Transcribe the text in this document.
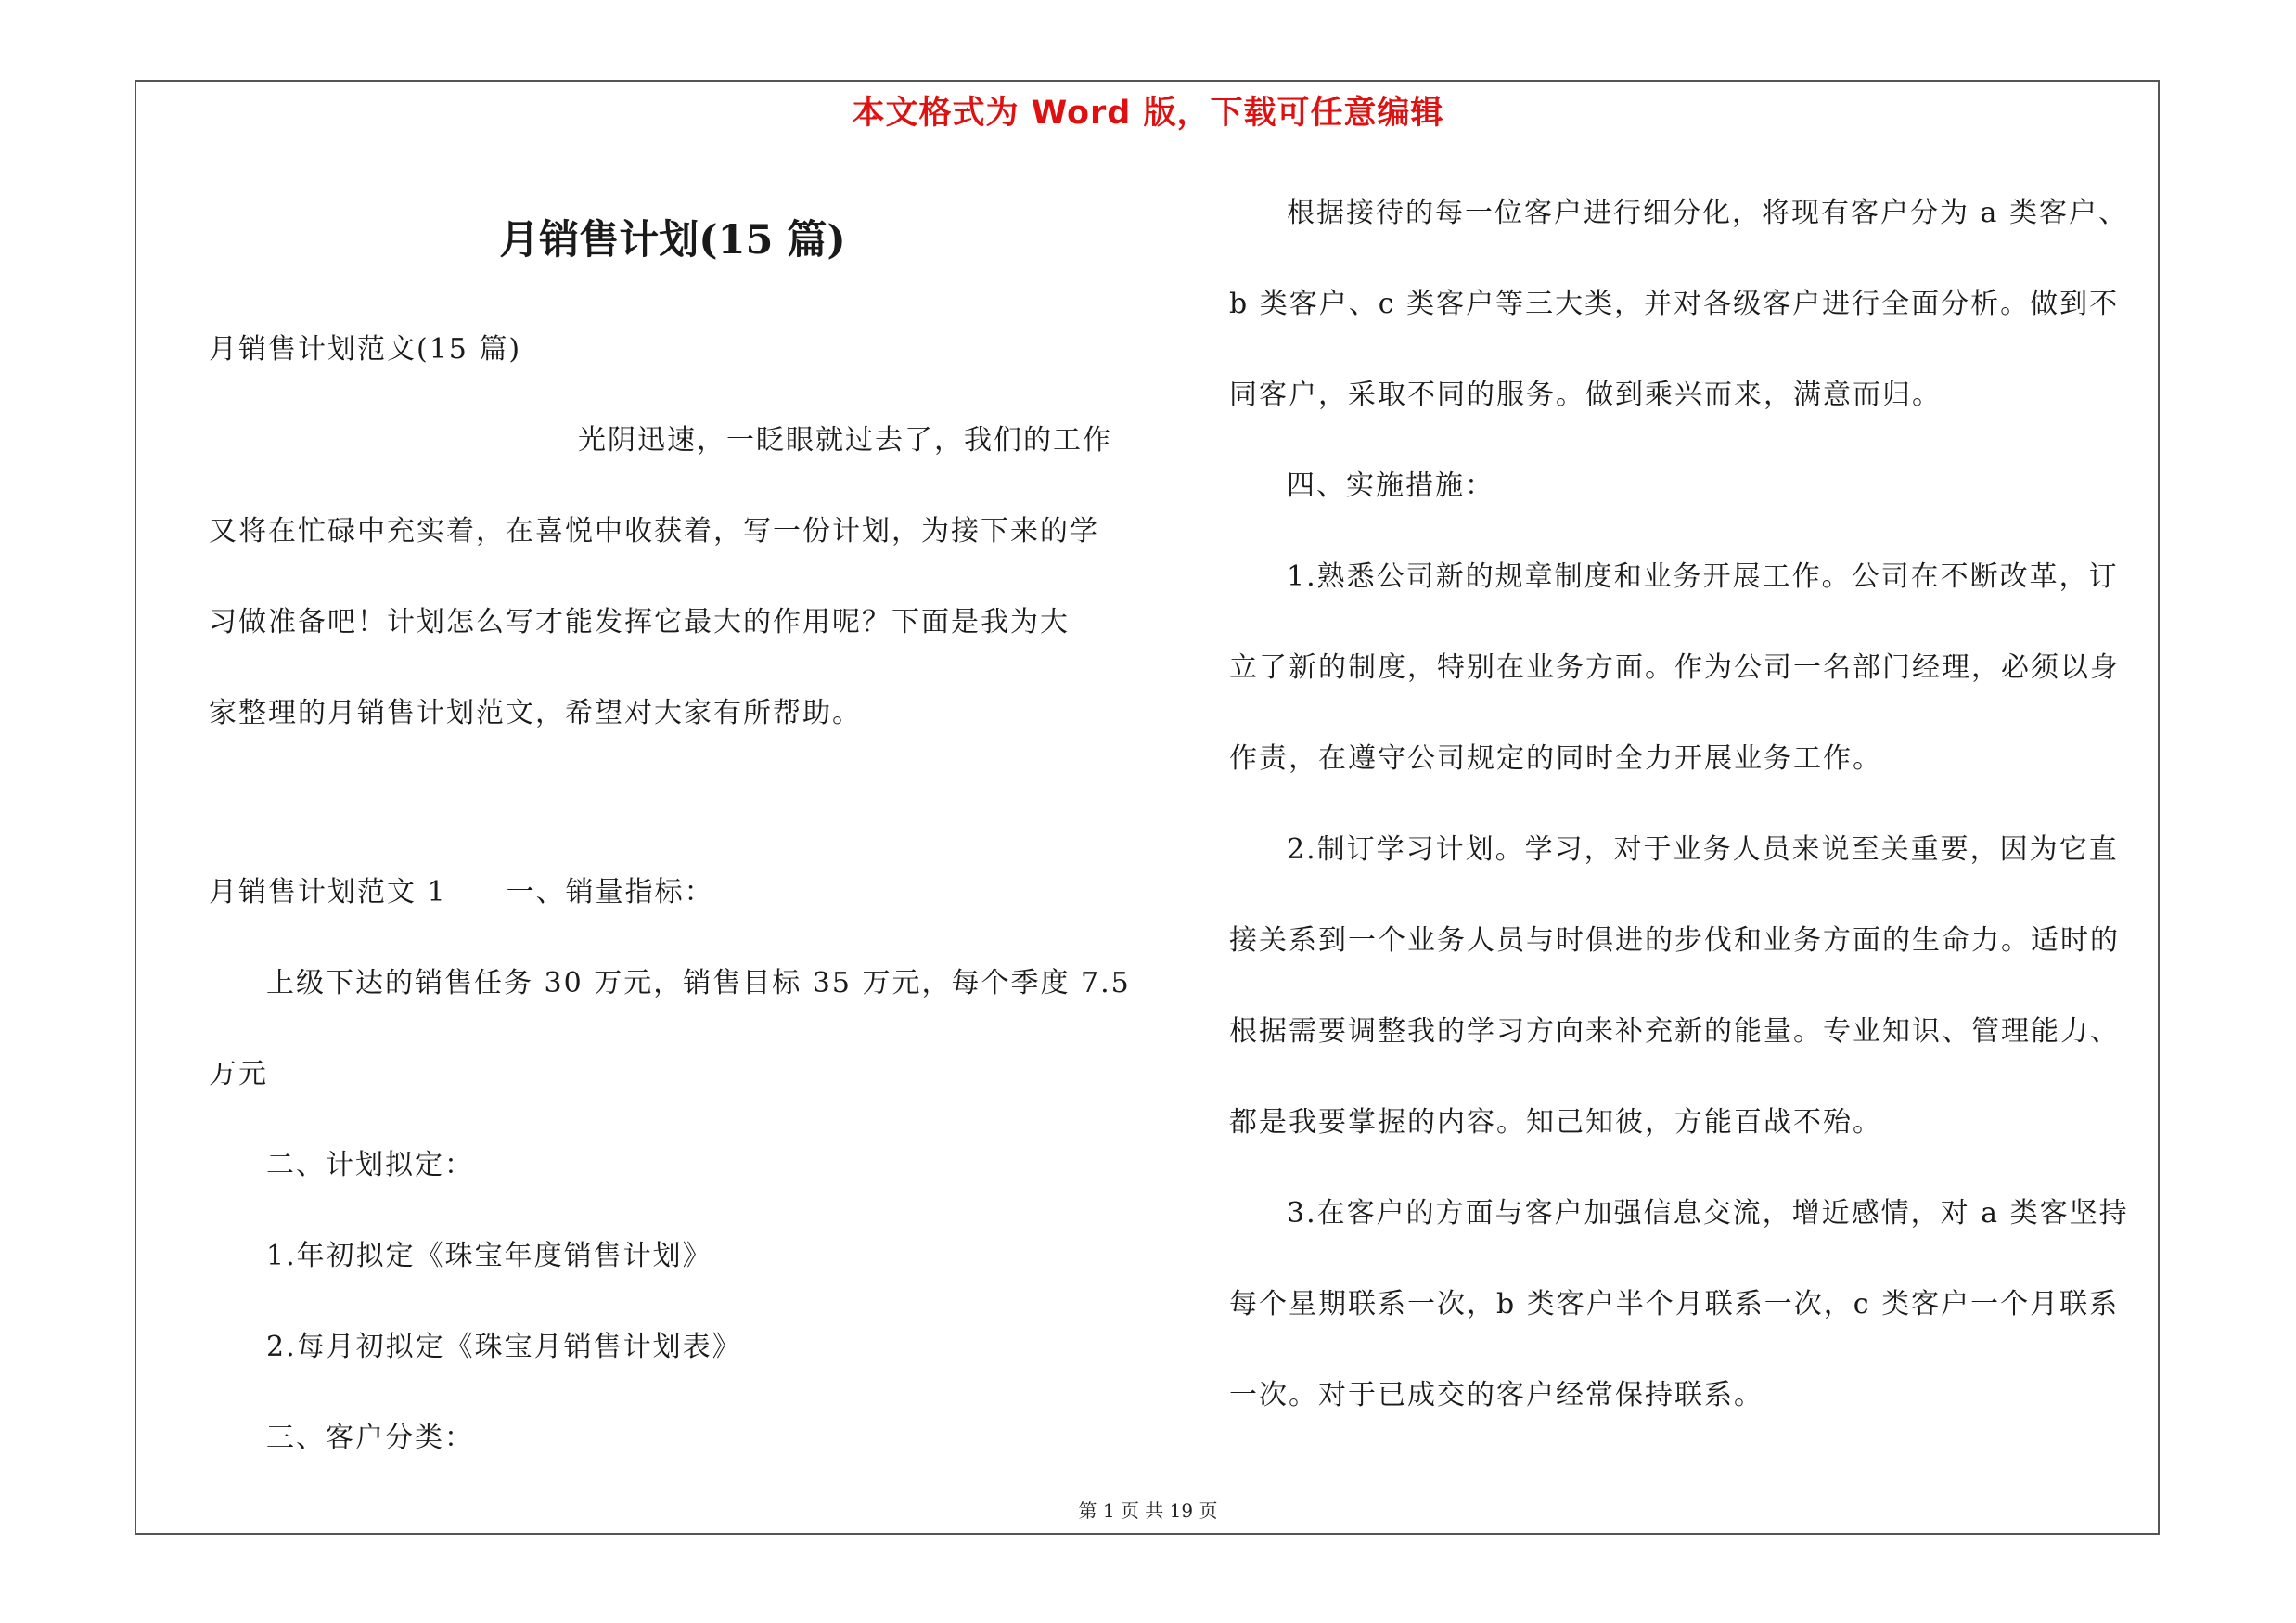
本文格式为 Word 版，下载可任意编辑
月销售计划(15 篇)
月销售计划范文(15 篇)
光阴迅速，一眨眼就过去了，我们的工作
又将在忙碌中充实着，在喜悦中收获着，写一份计划，为接下来的学
习做准备吧！计划怎么写才能发挥它最大的作用呢？下面是我为大
家整理的月销售计划范文，希望对大家有所帮助。
月销售计划范文 1　　一、销量指标：
上级下达的销售任务 30 万元，销售目标 35 万元，每个季度 7.5
万元
二、计划拟定：
1.年初拟定《珠宝年度销售计划》
2.每月初拟定《珠宝月销售计划表》
三、客户分类：
根据接待的每一位客户进行细分化，将现有客户分为 a 类客户、
b 类客户、c 类客户等三大类，并对各级客户进行全面分析。做到不
同客户，采取不同的服务。做到乘兴而来，满意而归。
四、实施措施：
1.熟悉公司新的规章制度和业务开展工作。公司在不断改革，订
立了新的制度，特别在业务方面。作为公司一名部门经理，必须以身
作责，在遵守公司规定的同时全力开展业务工作。
2.制订学习计划。学习，对于业务人员来说至关重要，因为它直
接关系到一个业务人员与时俱进的步伐和业务方面的生命力。适时的
根据需要调整我的学习方向来补充新的能量。专业知识、管理能力、
都是我要掌握的内容。知己知彼，方能百战不殆。
3.在客户的方面与客户加强信息交流，增近感情，对 a 类客坚持
每个星期联系一次，b 类客户半个月联系一次，c 类客户一个月联系
一次。对于已成交的客户经常保持联系。
第 1 页 共 19 页
